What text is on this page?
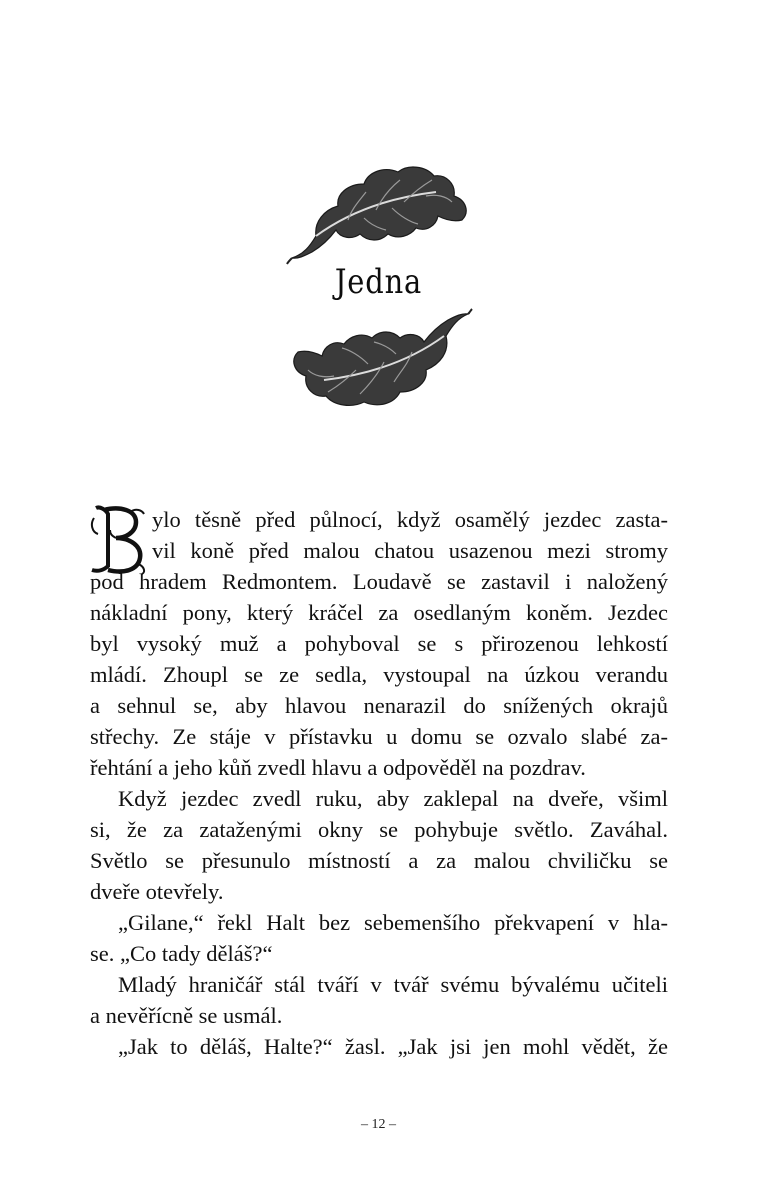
Jedna
ylo těsně před půlnocí, když osamělý jezdec zasta-
vil koně před malou chatou usazenou mezi stromy
pod hradem Redmontem. Loudavě se zastavil i naložený
nákladní pony, který kráčel za osedlaným koněm. Jezdec
byl vysoký muž a pohyboval se s přirozenou lehkostí
mládí. Zhoupl se ze sedla, vystoupal na úzkou verandu
a sehnul se, aby hlavou nenarazil do snížených okrajů
střechy. Ze stáje v přístavku u domu se ozvalo slabé za-
řehtání a jeho kůň zvedl hlavu a odpověděl na pozdrav.
Když jezdec zvedl ruku, aby zaklepal na dveře, všiml
si, že za zataženými okny se pohybuje světlo. Zaváhal.
Světlo se přesunulo místností a za malou chviličku se
dveře otevřely.
„Gilane,“ řekl Halt bez sebemenšího překvapení v hla-
se. „Co tady děláš?“
Mladý hraničář stál tváří v tvář svému bývalému učiteli
a nevěřícně se usmál.
„Jak to děláš, Halte?“ žasl. „Jak jsi jen mohl vědět, že
– 12 –
